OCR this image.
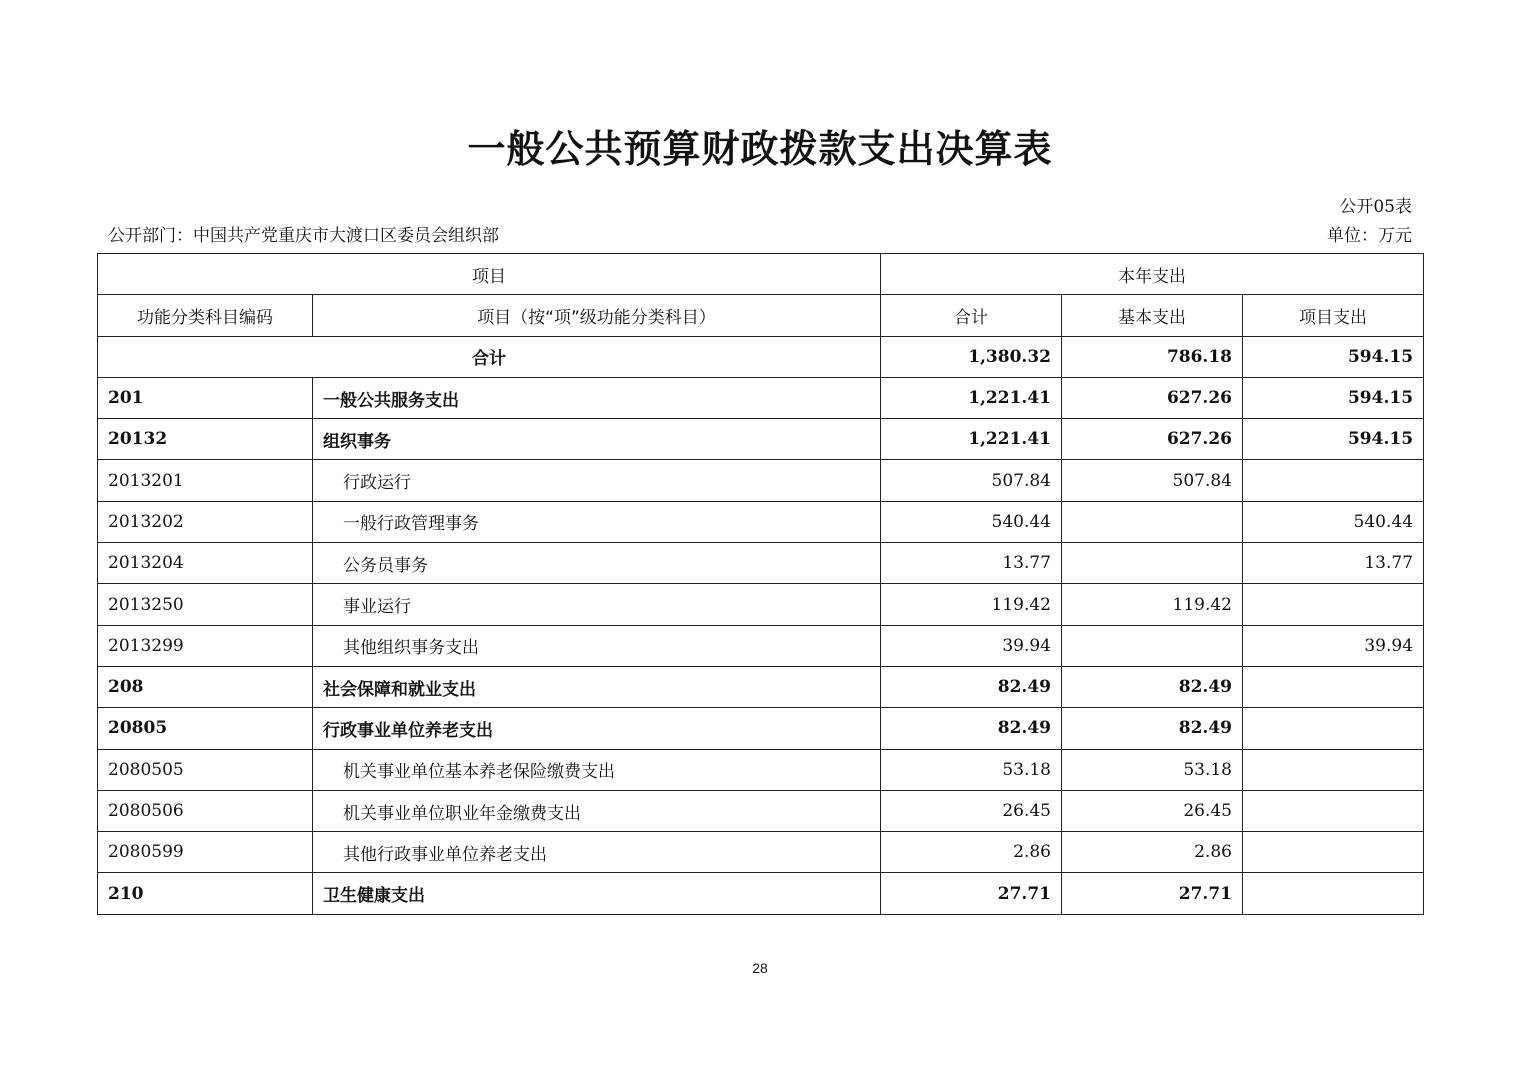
一般公共预算财政拨款支出决算表
公开05表
公开部门：中国共产党重庆市大渡口区委员会组织部	单位：万元
项目		本年支出		
功能分类科目编码	项目（按“项”级功能分类科目）	合计	基本支出	项目支出
合计		1,380.32	786.18	594.15
201	一般公共服务支出	1,221.41	627.26	594.15
20132	组织事务	1,221.41	627.26	594.15
2013201	行政运行	507.84	507.84	
2013202	一般行政管理事务	540.44		540.44
2013204	公务员事务	13.77		13.77
2013250	事业运行	119.42	119.42	
2013299	其他组织事务支出	39.94		39.94
208	社会保障和就业支出	82.49	82.49	
20805	行政事业单位养老支出	82.49	82.49	
2080505	机关事业单位基本养老保险缴费支出	53.18	53.18	
2080506	机关事业单位职业年金缴费支出	26.45	26.45	
2080599	其他行政事业单位养老支出	2.86	2.86	
210	卫生健康支出	27.71	27.71	
28
